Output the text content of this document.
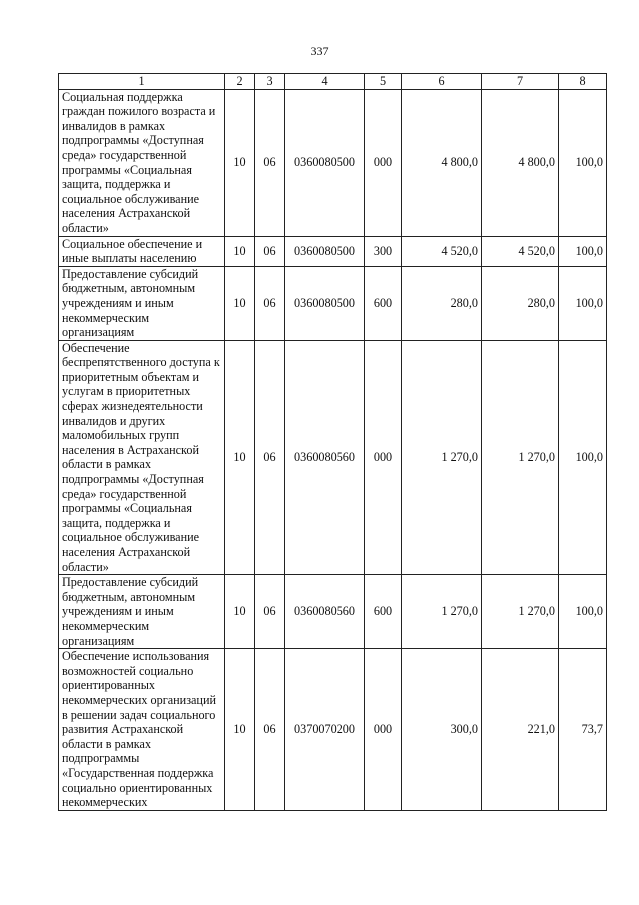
337
1	2	3	4	5	6	7	8
Социальная поддержка граждан пожилого возраста и инвалидов в рамках подпрограммы «Доступная среда» государственной программы «Социальная защита, поддержка и социальное обслуживание населения Астраханской области»	10	06	0360080500	000	4 800,0	4 800,0	100,0
Социальное обеспечение и иные выплаты населению	10	06	0360080500	300	4 520,0	4 520,0	100,0
Предоставление субсидий бюджетным, автономным учреждениям и иным некоммерческим организациям	10	06	0360080500	600	280,0	280,0	100,0
Обеспечение беспрепятственного доступа к приоритетным объектам и услугам в приоритетных сферах жизнедеятельности инвалидов и других маломобильных групп населения в Астраханской области в рамках подпрограммы «Доступная среда» государственной программы «Социальная защита, поддержка и социальное обслуживание населения Астраханской области»	10	06	0360080560	000	1 270,0	1 270,0	100,0
Предоставление субсидий бюджетным, автономным учреждениям и иным некоммерческим организациям	10	06	0360080560	600	1 270,0	1 270,0	100,0
Обеспечение использования возможностей социально ориентированных некоммерческих организаций в решении задач социального развития Астраханской области в рамках подпрограммы «Государственная поддержка социально ориентированных некоммерческих	10	06	0370070200	000	300,0	221,0	73,7
